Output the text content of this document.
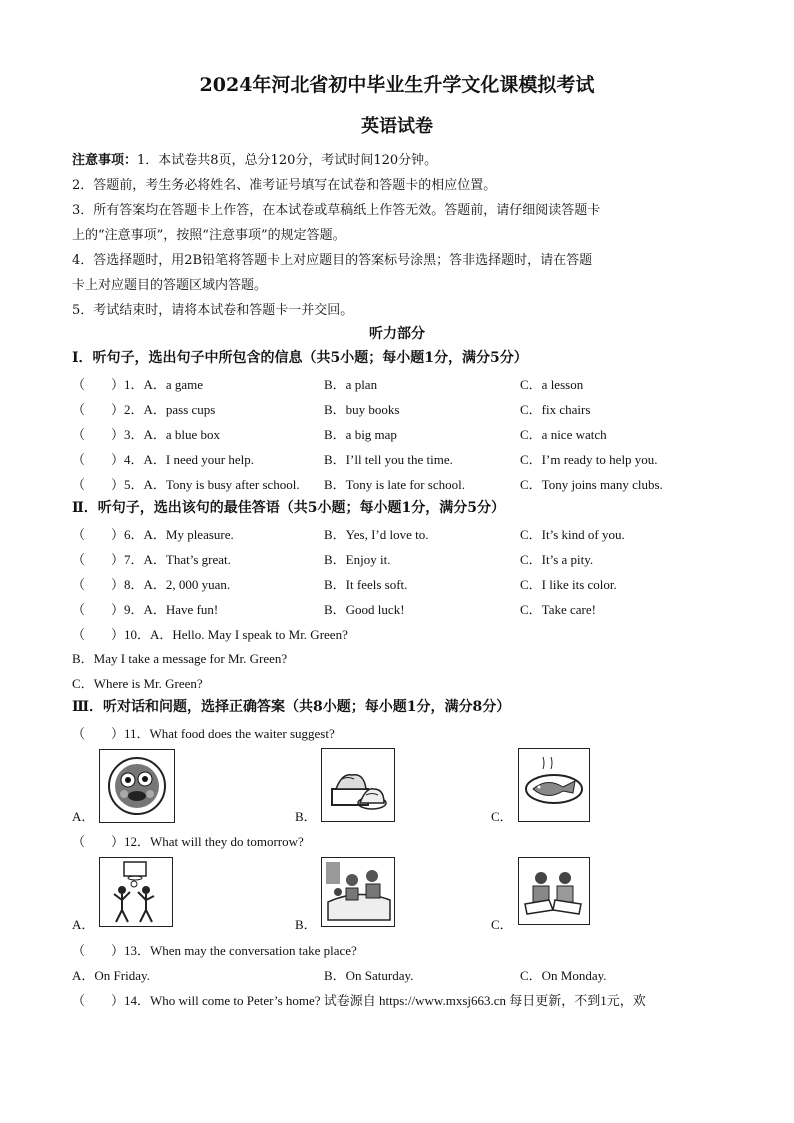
2024年河北省初中毕业生升学文化课模拟考试
英语试卷
注意事项：1．本试卷共8页，总分120分，考试时间120分钟。
2．答题前，考生务必将姓名、准考证号填写在试卷和答题卡的相应位置。
3．所有答案均在答题卡上作答，在本试卷或草稿纸上作答无效。答题前，请仔细阅读答题卡
上的“注意事项”，按照“注意事项”的规定答题。
4．答选择题时，用2B铅笔将答题卡上对应题目的答案标号涂黑；答非选择题时，请在答题
卡上对应题目的答题区域内答题。
5．考试结束时，请将本试卷和答题卡一并交回。
听力部分
Ⅰ．听句子，选出句子中所包含的信息（共5小题；每小题1分，满分5分）
（　　）1．A．a game	B．a plan	C．a lesson
（　　）2．A．pass cups	B．buy books	C．fix chairs
（　　）3．A．a blue box	B．a big map	C．a nice watch
（　　）4．A．I need your help.	B．I’ll tell you the time.	C．I’m ready to help you.
（　　）5．A．Tony is busy after school. B．Tony is late for school.	C．Tony joins many clubs.
Ⅱ．听句子，选出该句的最佳答语（共5小题；每小题1分，满分5分）
（　　）6．A．My pleasure.	B．Yes, I’d love to.	C．It’s kind of you.
（　　）7．A．That’s great.	B．Enjoy it.	C．It’s a pity.
（　　）8．A．2, 000 yuan.	B．It feels soft.	C．I like its color.
（　　）9．A．Have fun!	B．Good luck!	C．Take care!
（　　）10．A．Hello. May I speak to Mr. Green?
B．May I take a message for Mr. Green?
C．Where is Mr. Green?
Ⅲ．听对话和问题，选择正确答案（共8小题；每小题1分，满分8分）
（　　）11．What food does the waiter suggest?
A．	B．	C．
（　　）12．What will they do tomorrow?
A．	B．	C．
（　　）13．When may the conversation take place?
A．On Friday.	B．On Saturday.	C．On Monday.
（　　）14．Who will come to Peter’s home? 试卷源自 https://www.mxsj663.cn 每日更新，不到1元，欢
